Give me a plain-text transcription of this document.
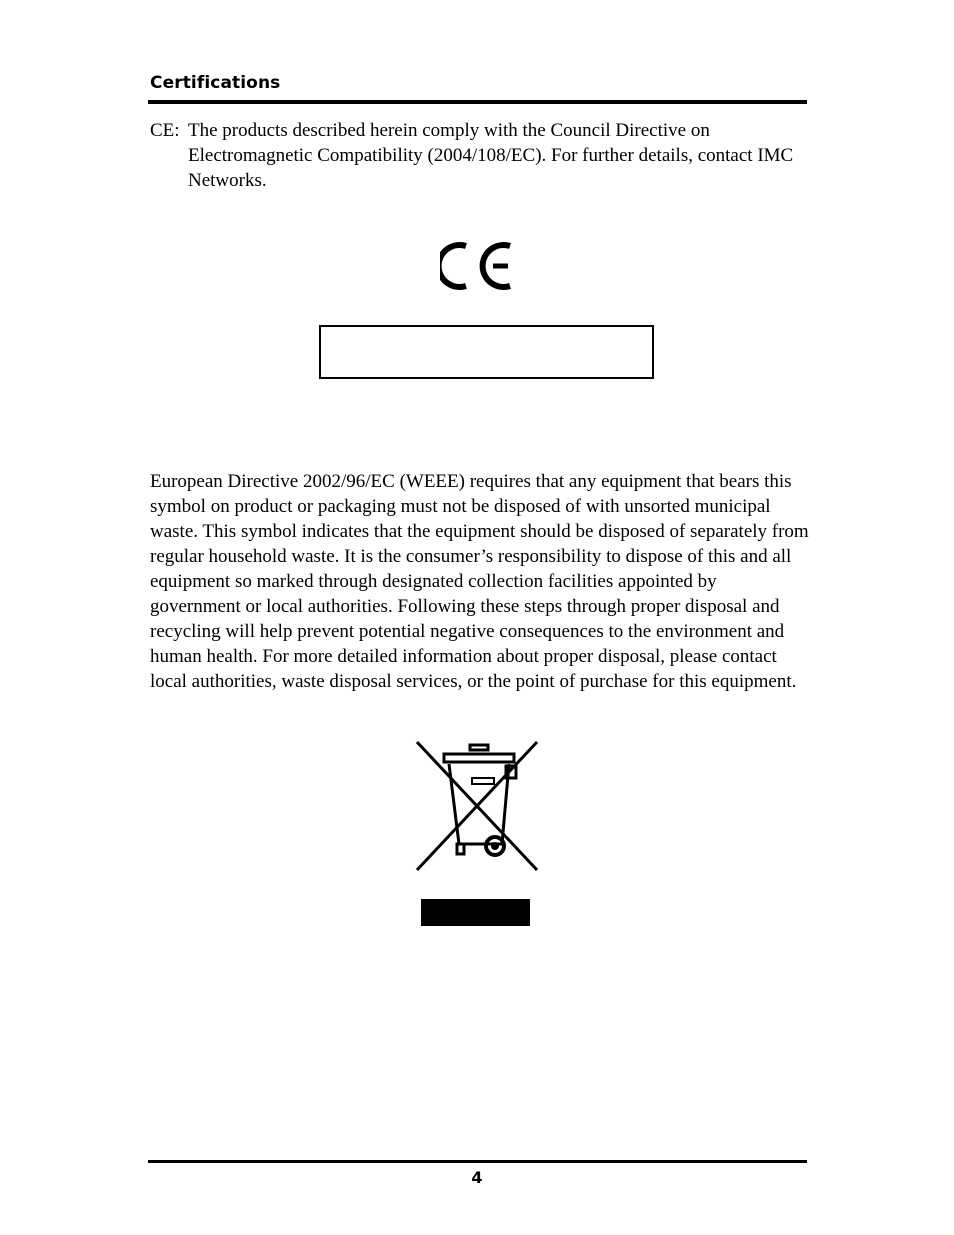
Certifications
CE: The products described herein comply with the Council Directive on Electromagnetic Compatibility (2004/108/EC). For further details, contact IMC Networks.
European Directive 2002/96/EC (WEEE) requires that any equipment that bears this symbol on product or packaging must not be disposed of with unsorted municipal waste. This symbol indicates that the equipment should be disposed of separately from regular household waste. It is the consumer’s responsibility to dispose of this and all equipment so marked through designated collection facilities appointed by government or local authorities. Following these steps through proper disposal and recycling will help prevent potential negative consequences to the environment and human health. For more detailed information about proper disposal, please contact local authorities, waste disposal services, or the point of purchase for this equipment.
4
